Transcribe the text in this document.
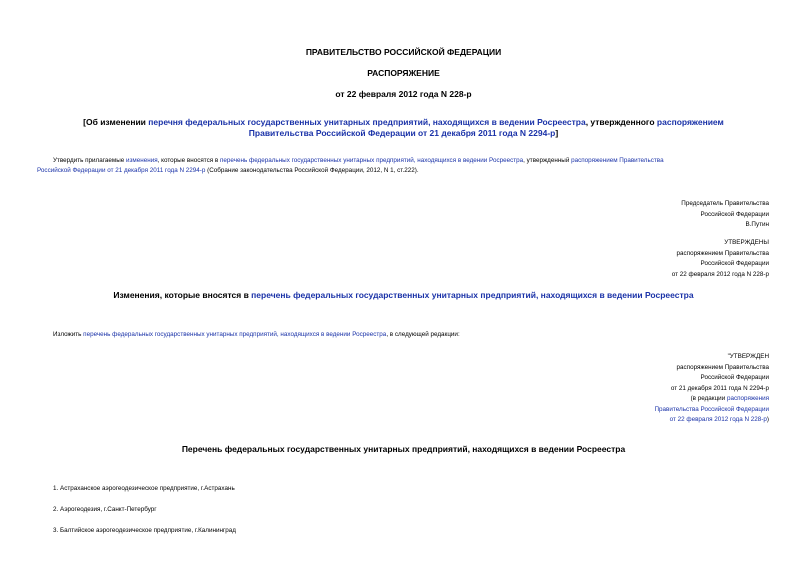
ПРАВИТЕЛЬСТВО РОССИЙСКОЙ ФЕДЕРАЦИИ
РАСПОРЯЖЕНИЕ
от 22 февраля 2012 года N 228-р
[Об изменении перечня федеральных государственных унитарных предприятий, находящихся в ведении Росреестра, утвержденного распоряжением
Правительства Российской Федерации от 21 декабря 2011 года N 2294-р]
Утвердить прилагаемые изменения, которые вносятся в перечень федеральных государственных унитарных предприятий, находящихся в ведении Росреестра, утвержденный распоряжением Правительства
Российской Федерации от 21 декабря 2011 года N 2294-р (Собрание законодательства Российской Федерации, 2012, N 1, ст.222).
Председатель Правительства
Российской Федерации
В.Путин
УТВЕРЖДЕНЫ
распоряжением Правительства
Российской Федерации
от 22 февраля 2012 года N 228-р
Изменения, которые вносятся в перечень федеральных государственных унитарных предприятий, находящихся в ведении Росреестра
Изложить перечень федеральных государственных унитарных предприятий, находящихся в ведении Росреестра, в следующей редакции:
"УТВЕРЖДЕН
распоряжением Правительства
Российской Федерации
от 21 декабря 2011 года N 2294-р
(в редакции распоряжения
Правительства Российской Федерации
от 22 февраля 2012 года N 228-р)
Перечень федеральных государственных унитарных предприятий, находящихся в ведении Росреестра
1. Астраханское аэрогеодезическое предприятие, г.Астрахань
2. Аэрогеодезия, г.Санкт-Петербург
3. Балтийское аэрогеодезическое предприятие, г.Калининград
